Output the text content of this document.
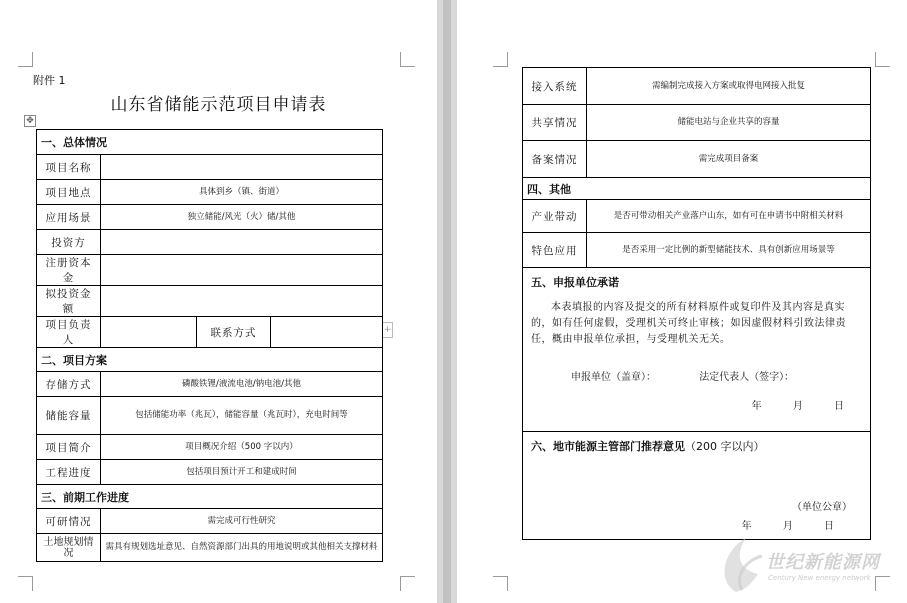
附件 1
山东省储能示范项目申请表
✥
+
一、总体情况			
项目名称			
项目地点	具体到乡（镇、街道）		
应用场景	独立储能/风光（火）储/其他		
投资方			
注册资本金			
拟投资金额			
项目负责人		联系方式	
二、项目方案			
存储方式	磷酸铁锂/液流电池/钠电池/其他		
储能容量	包括储能功率（兆瓦），储能容量（兆瓦时），充电时间等		
项目简介	项目概况介绍（500 字以内）		
工程进度	包括项目预计开工和建成时间		
三、前期工作进度			
可研情况	需完成可行性研究		
土地规划情况	需具有规划选址意见、自然资源部门出具的用地说明或其他相关支撑材料		
接入系统	需编制完成接入方案或取得电网接入批复
共享情况	储能电站与企业共享的容量
备案情况	需完成项目备案
四、其他	
产业带动	是否可带动相关产业落户山东，如有可在申请书中附相关材料
特色应用	是否采用一定比例的新型储能技术、具有创新应用场景等

五、申报单位承诺
本表填报的内容及提交的所有材料原件或复印件及其内容是真实的，如有任何虚假，受理机关可终止审核；如因虚假材料引致法律责任，概由申报单位承担，与受理机关无关。
申报单位（盖章）： 法定代表人（签字）：
年 月 日	

六、地市能源主管部门推荐意见（200 字以内）
（单位公章）
年 月 日	
世纪新能源网
Century New energy network
